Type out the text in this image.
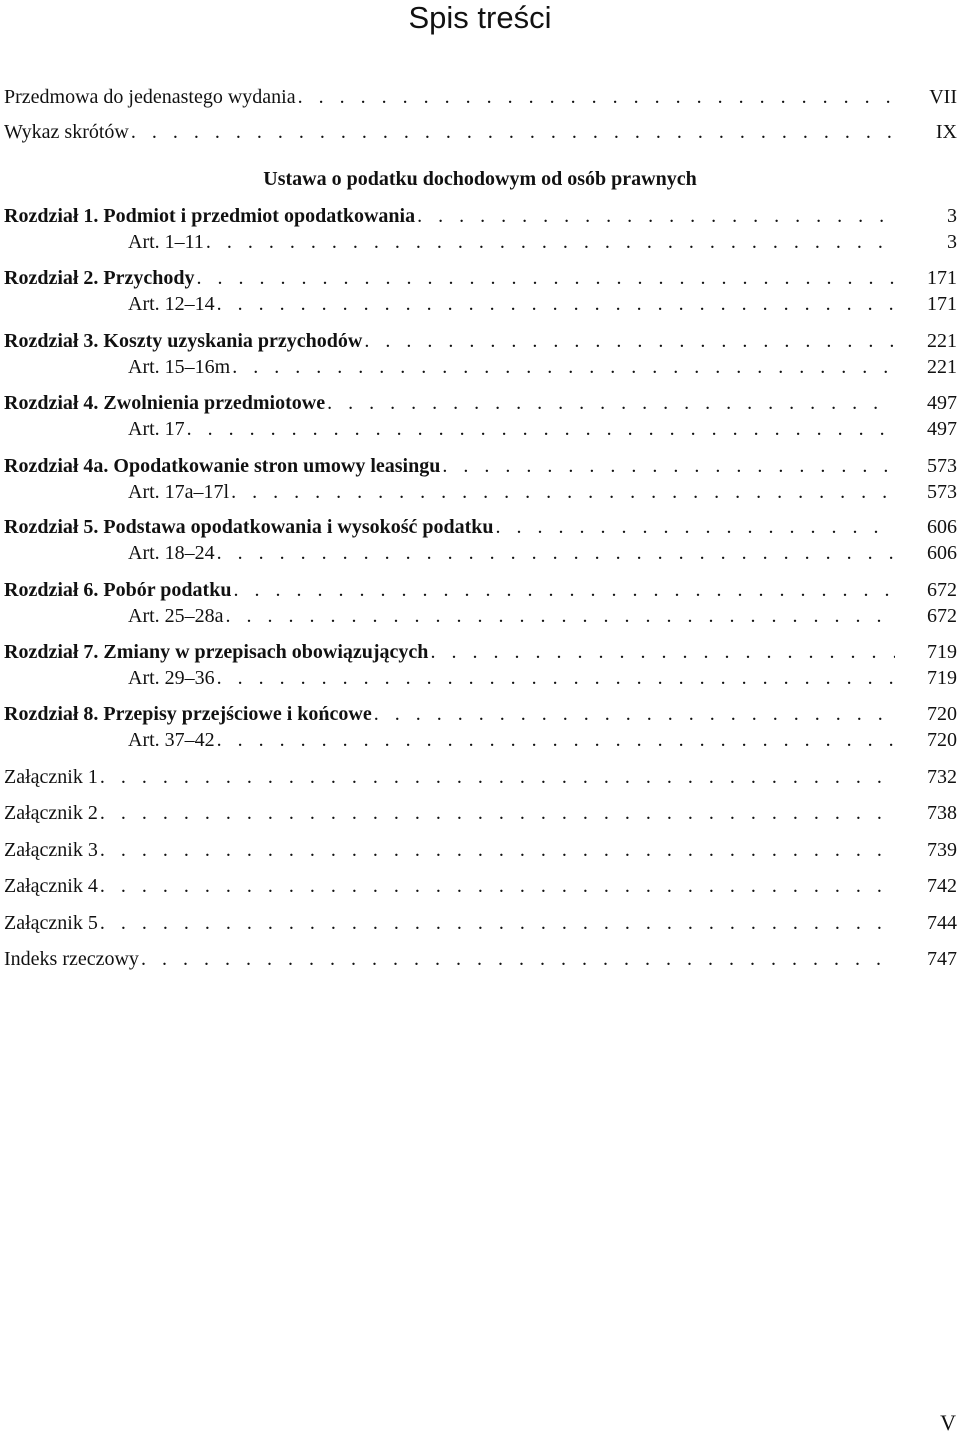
Spis treści
Przedmowa do jedenastego wydania . . .	VII
Wykaz skrótów . . .	IX
Ustawa o podatku dochodowym od osób prawnych
Rozdział 1. Podmiot i przedmiot opodatkowania . . .	3
Art. 1–11 . . .	3
Rozdział 2. Przychody . . .	171
Art. 12–14 . . .	171
Rozdział 3. Koszty uzyskania przychodów . . .	221
Art. 15–16m . . .	221
Rozdział 4. Zwolnienia przedmiotowe . . .	497
Art. 17 . . .	497
Rozdział 4a. Opodatkowanie stron umowy leasingu . . .	573
Art. 17a–17l . . .	573
Rozdział 5. Podstawa opodatkowania i wysokość podatku . . .	606
Art. 18–24 . . .	606
Rozdział 6. Pobór podatku . . .	672
Art. 25–28a . . .	672
Rozdział 7. Zmiany w przepisach obowiązujących . . .	719
Art. 29–36 . . .	719
Rozdział 8. Przepisy przejściowe i końcowe . . .	720
Art. 37–42 . . .	720
Załącznik 1 . . .	732
Załącznik 2 . . .	738
Załącznik 3 . . .	739
Załącznik 4 . . .	742
Załącznik 5 . . .	744
Indeks rzeczowy . . .	747
V
